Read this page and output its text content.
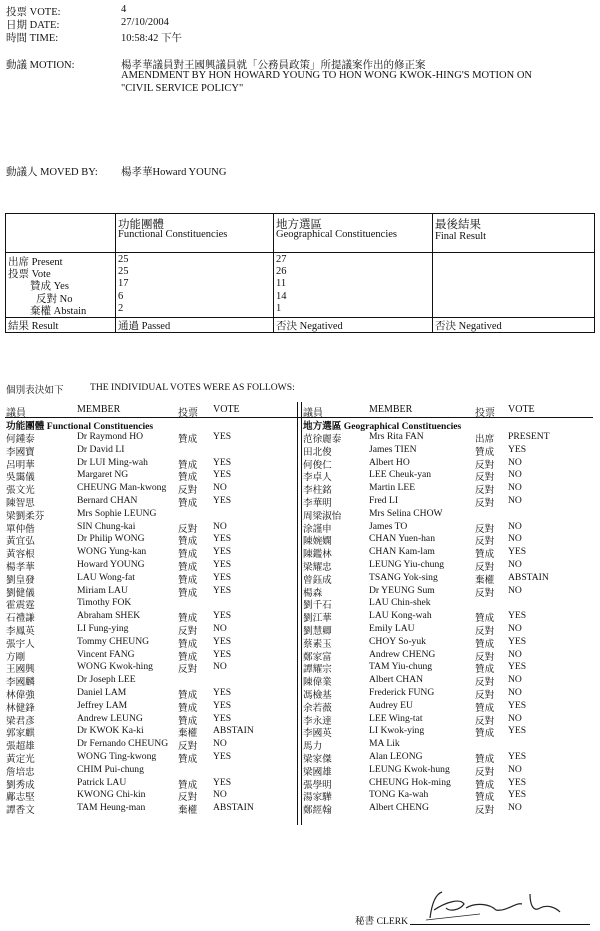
投票 VOTE:	4
日期 DATE:	27/10/2004
時間 TIME:	10:58:42 下午
動議 MOTION:	楊孝華議員對王國興議員就「公務員政策」所提議案作出的修正案
AMENDMENT BY HON HOWARD YOUNG TO HON WONG KWOK-HING'S MOTION ON
"CIVIL SERVICE POLICY"
動議人 MOVED BY: 楊孝華Howard YOUNG
功能團體
Functional Constituencies
地方選區
Geographical Constituencies
最後結果
Final Result
出席 Present	25	27
投票 Vote	25	26
贊成 Yes	17	11
反對 No	6	14
棄權 Abstain	2	1
結果 Result	通過 Passed	否決 Negatived	否決 Negatived
個別表決如下	THE INDIVIDUAL VOTES WERE AS FOLLOWS:
議員	MEMBER	投票 VOTE	議員	MEMBER	投票 VOTE
功能團體 Functional Constituencies	地方選區 Geographical Constituencies
何鍾泰	Dr Raymond HO	贊成 YES
李國寶	Dr David LI
呂明華	Dr LUI Ming-wah	贊成 YES
吳靄儀	Margaret NG	贊成 YES
張文光	CHEUNG Man-kwong 反對 NO
陳智思	Bernard CHAN	贊成 YES
梁劉柔芬	Mrs Sophie LEUNG
單仲偕	SIN Chung-kai	反對 NO
黃宜弘	Dr Philip WONG	贊成 YES
黃容根	WONG Yung-kan	贊成 YES
楊孝華	Howard YOUNG	贊成 YES
劉皇發	LAU Wong-fat	贊成 YES
劉健儀	Miriam LAU	贊成 YES
霍震霆	Timothy FOK
石禮謙	Abraham SHEK	贊成 YES
李鳳英	LI Fung-ying	反對 NO
張宇人	Tommy CHEUNG	贊成 YES
方剛	Vincent FANG	贊成 YES
王國興	WONG Kwok-hing	反對 NO
李國麟	Dr Joseph LEE
林偉強	Daniel LAM	贊成 YES
林健鋒	Jeffrey LAM	贊成 YES
梁君彥	Andrew LEUNG	贊成 YES
郭家麒	Dr KWOK Ka-ki	棄權 ABSTAIN
張超雄	Dr Fernando CHEUNG 反對 NO
黃定光	WONG Ting-kwong 贊成 YES
詹培忠	CHIM Pui-chung
劉秀成	Patrick LAU	贊成 YES
鄺志堅	KWONG Chi-kin	反對 NO
譚香文	TAM Heung-man	棄權 ABSTAIN
范徐麗泰	Mrs Rita FAN	出席 PRESENT
田北俊	James TIEN	贊成 YES
何俊仁	Albert HO	反對 NO
李卓人	LEE Cheuk-yan	反對 NO
李柱銘	Martin LEE	反對 NO
李華明	Fred LI	反對 NO
周梁淑怡	Mrs Selina CHOW
涂謹申	James TO	反對 NO
陳婉嫻	CHAN Yuen-han	反對 NO
陳鑑林	CHAN Kam-lam	贊成 YES
梁耀忠	LEUNG Yiu-chung	反對 NO
曾鈺成	TSANG Yok-sing	棄權 ABSTAIN
楊森	Dr YEUNG Sum	反對 NO
劉千石	LAU Chin-shek
劉江華	LAU Kong-wah	贊成 YES
劉慧卿	Emily LAU	反對 NO
蔡素玉	CHOY So-yuk	贊成 YES
鄭家富	Andrew CHENG	反對 NO
譚耀宗	TAM Yiu-chung	贊成 YES
陳偉業	Albert CHAN	反對 NO
馮檢基	Frederick FUNG	反對 NO
余若薇	Audrey EU	贊成 YES
李永達	LEE Wing-tat	反對 NO
李國英	LI Kwok-ying	贊成 YES
馬力	MA Lik
梁家傑	Alan LEONG	贊成 YES
梁國雄	LEUNG Kwok-hung	反對 NO
張學明	CHEUNG Hok-ming	贊成 YES
湯家驊	TONG Ka-wah	贊成 YES
鄭經翰	Albert CHENG	反對 NO
秘書 CLERK
